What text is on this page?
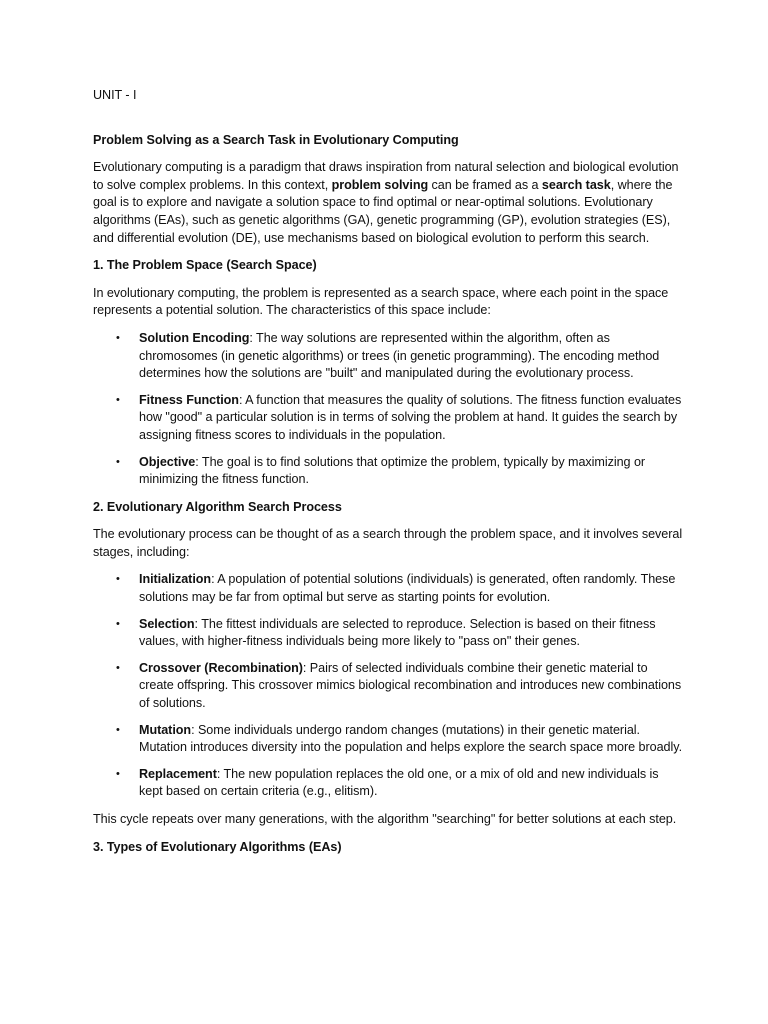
UNIT - I
Problem Solving as a Search Task in Evolutionary Computing

Evolutionary computing is a paradigm that draws inspiration from natural selection and biological evolution to solve complex problems. In this context, problem solving can be framed as a search task, where the goal is to explore and navigate a solution space to find optimal or near-optimal solutions. Evolutionary algorithms (EAs), such as genetic algorithms (GA), genetic programming (GP), evolution strategies (ES), and differential evolution (DE), use mechanisms based on biological evolution to perform this search.

1. The Problem Space (Search Space)

In evolutionary computing, the problem is represented as a search space, where each point in the space represents a potential solution. The characteristics of this space include:

• Solution Encoding: The way solutions are represented within the algorithm, often as chromosomes (in genetic algorithms) or trees (in genetic programming). The encoding method determines how the solutions are "built" and manipulated during the evolutionary process.
• Fitness Function: A function that measures the quality of solutions. The fitness function evaluates how "good" a particular solution is in terms of solving the problem at hand. It guides the search by assigning fitness scores to individuals in the population.
• Objective: The goal is to find solutions that optimize the problem, typically by maximizing or minimizing the fitness function.
2. Evolutionary Algorithm Search Process

The evolutionary process can be thought of as a search through the problem space, and it involves several stages, including:

• Initialization: A population of potential solutions (individuals) is generated, often randomly. These solutions may be far from optimal but serve as starting points for evolution.
• Selection: The fittest individuals are selected to reproduce. Selection is based on their fitness values, with higher-fitness individuals being more likely to "pass on" their genes.
• Crossover (Recombination): Pairs of selected individuals combine their genetic material to create offspring. This crossover mimics biological recombination and introduces new combinations of solutions.
• Mutation: Some individuals undergo random changes (mutations) in their genetic material. Mutation introduces diversity into the population and helps explore the search space more broadly.
• Replacement: The new population replaces the old one, or a mix of old and new individuals is kept based on certain criteria (e.g., elitism).

This cycle repeats over many generations, with the algorithm "searching" for better solutions at each step.

3. Types of Evolutionary Algorithms (EAs)
